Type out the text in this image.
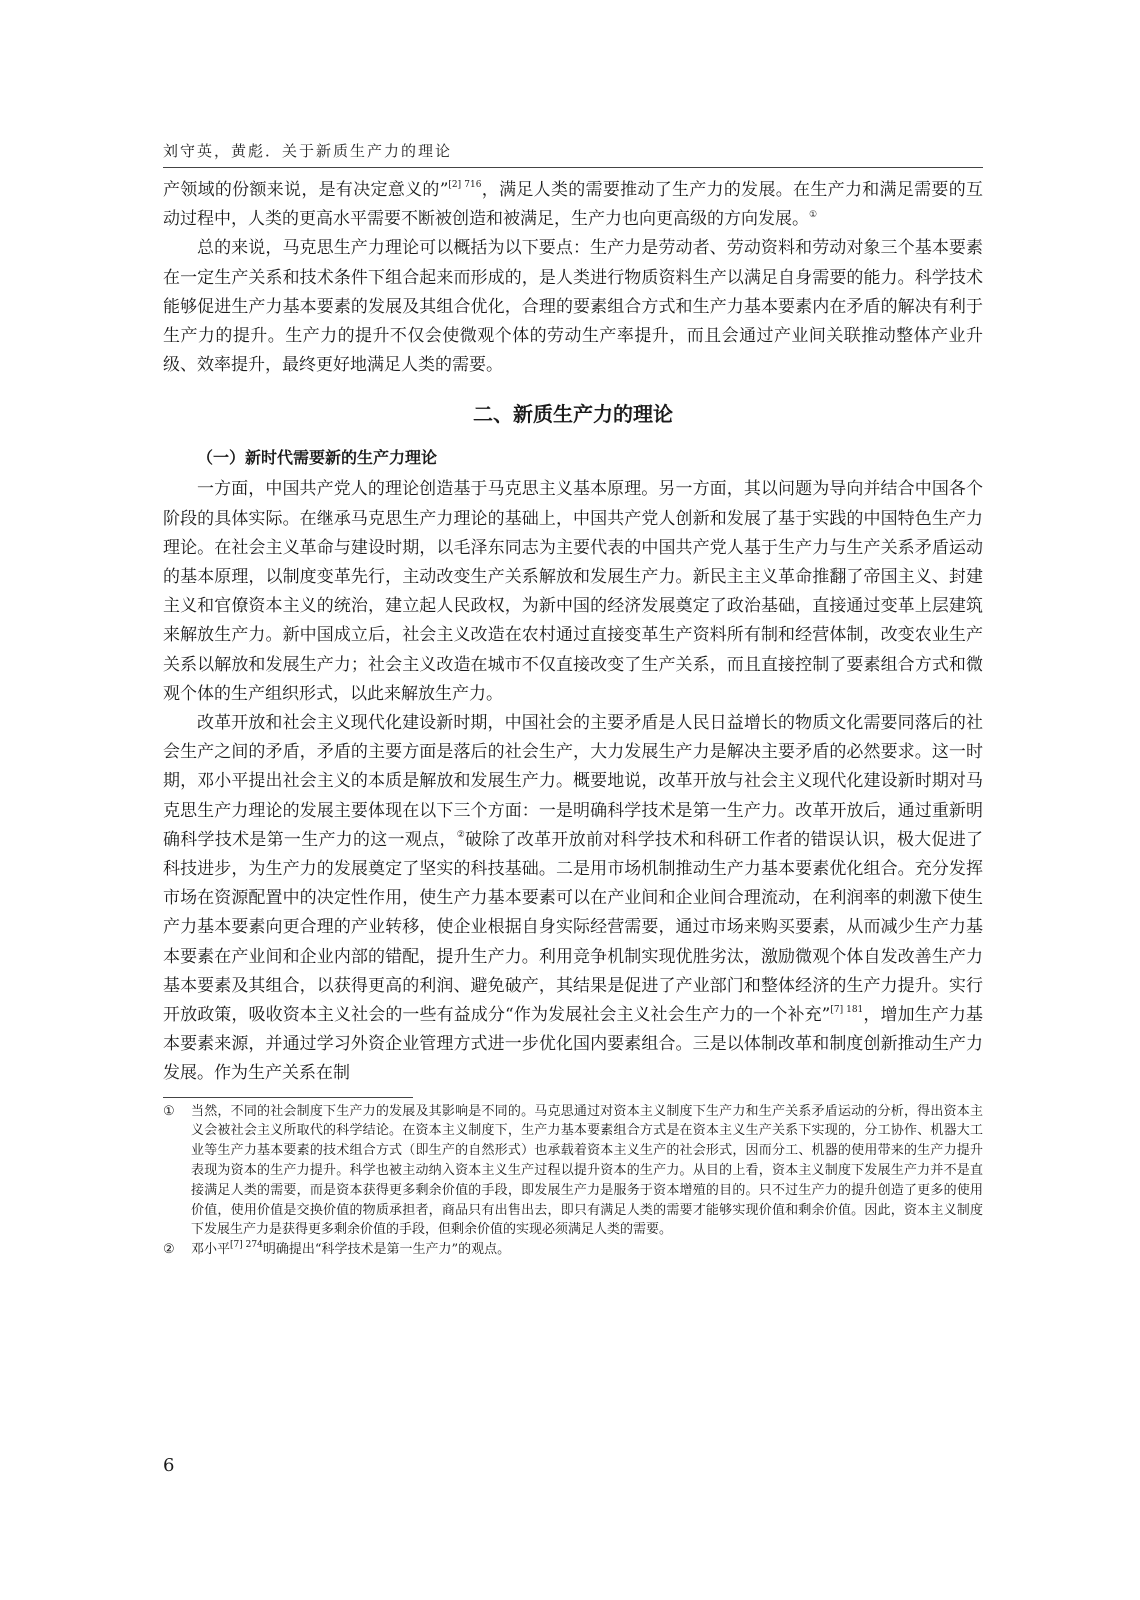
刘守英，黄彪．关于新质生产力的理论

产领域的份额来说，是有决定意义的”$^{[2] 716}$，满足人类的需要推动了生产力的发展。在生产力和满足需要的互动过程中，人类的更高水平需要不断被创造和被满足，生产力也向更高级的方向发展。①

总的来说，马克思生产力理论可以概括为以下要点：生产力是劳动者、劳动资料和劳动对象三个基本要素在一定生产关系和技术条件下组合起来而形成的，是人类进行物质资料生产以满足自身需要的能力。科学技术能够促进生产力基本要素的发展及其组合优化，合理的要素组合方式和生产力基本要素内在矛盾的解决有利于生产力的提升。生产力的提升不仅会使微观个体的劳动生产率提升，而且会通过产业间关联推动整体产业升级、效率提升，最终更好地满足人类的需要。

二、新质生产力的理论
（一）新时代需要新的生产力理论

一方面，中国共产党人的理论创造基于马克思主义基本原理。另一方面，其以问题为导向并结合中国各个阶段的具体实际。在继承马克思生产力理论的基础上，中国共产党人创新和发展了基于实践的中国特色生产力理论。在社会主义革命与建设时期，以毛泽东同志为主要代表的中国共产党人基于生产力与生产关系矛盾运动的基本原理，以制度变革先行，主动改变生产关系解放和发展生产力。新民主主义革命推翻了帝国主义、封建主义和官僚资本主义的统治，建立起人民政权，为新中国的经济发展奠定了政治基础，直接通过变革上层建筑来解放生产力。新中国成立后，社会主义改造在农村通过直接变革生产资料所有制和经营体制，改变农业生产关系以解放和发展生产力；社会主义改造在城市不仅直接改变了生产关系，而且直接控制了要素组合方式和微观个体的生产组织形式，以此来解放生产力。

改革开放和社会主义现代化建设新时期，中国社会的主要矛盾是人民日益增长的物质文化需要同落后的社会生产之间的矛盾，矛盾的主要方面是落后的社会生产，大力发展生产力是解决主要矛盾的必然要求。这一时期，邓小平提出社会主义的本质是解放和发展生产力。概要地说，改革开放与社会主义现代化建设新时期对马克思生产力理论的发展主要体现在以下三个方面：一是明确科学技术是第一生产力。改革开放后，通过重新明确科学技术是第一生产力的这一观点，②破除了改革开放前对科学技术和科研工作者的错误认识，极大促进了科技进步，为生产力的发展奠定了坚实的科技基础。二是用市场机制推动生产力基本要素优化组合。充分发挥市场在资源配置中的决定性作用，使生产力基本要素可以在产业间和企业间合理流动，在利润率的刺激下使生产力基本要素向更合理的产业转移，使企业根据自身实际经营需要，通过市场来购买要素，从而减少生产力基本要素在产业间和企业内部的错配，提升生产力。利用竞争机制实现优胜劣汰，激励微观个体自发改善生产力基本要素及其组合，以获得更高的利润、避免破产，其结果是促进了产业部门和整体经济的生产力提升。实行开放政策，吸收资本主义社会的一些有益成分“作为发展社会主义社会生产力的一个补充”$^{[7] 181}$，增加生产力基本要素来源，并通过学习外资企业管理方式进一步优化国内要素组合。三是以体制改革和制度创新推动生产力发展。作为生产关系在制

①	当然，不同的社会制度下生产力的发展及其影响是不同的。马克思通过对资本主义制度下生产力和生产关系矛盾运动的分析，得出资本主义会被社会主义所取代的科学结论。在资本主义制度下，生产力基本要素组合方式是在资本主义生产关系下实现的，分工协作、机器大工业等生产力基本要素的技术组合方式（即生产的自然形式）也承载着资本主义生产的社会形式，因而分工、机器的使用带来的生产力提升表现为资本的生产力提升。科学也被主动纳入资本主义生产过程以提升资本的生产力。从目的上看，资本主义制度下发展生产力并不是直接满足人类的需要，而是资本获得更多剩余价值的手段，即发展生产力是服务于资本增殖的目的。只不过生产力的提升创造了更多的使用价值，使用价值是交换价值的物质承担者，商品只有出售出去，即只有满足人类的需要才能够实现价值和剩余价值。因此，资本主义制度下发展生产力是获得更多剩余价值的手段，但剩余价值的实现必须满足人类的需要。
②	邓小平$^{[7] 274}$明确提出“科学技术是第一生产力”的观点。
6
